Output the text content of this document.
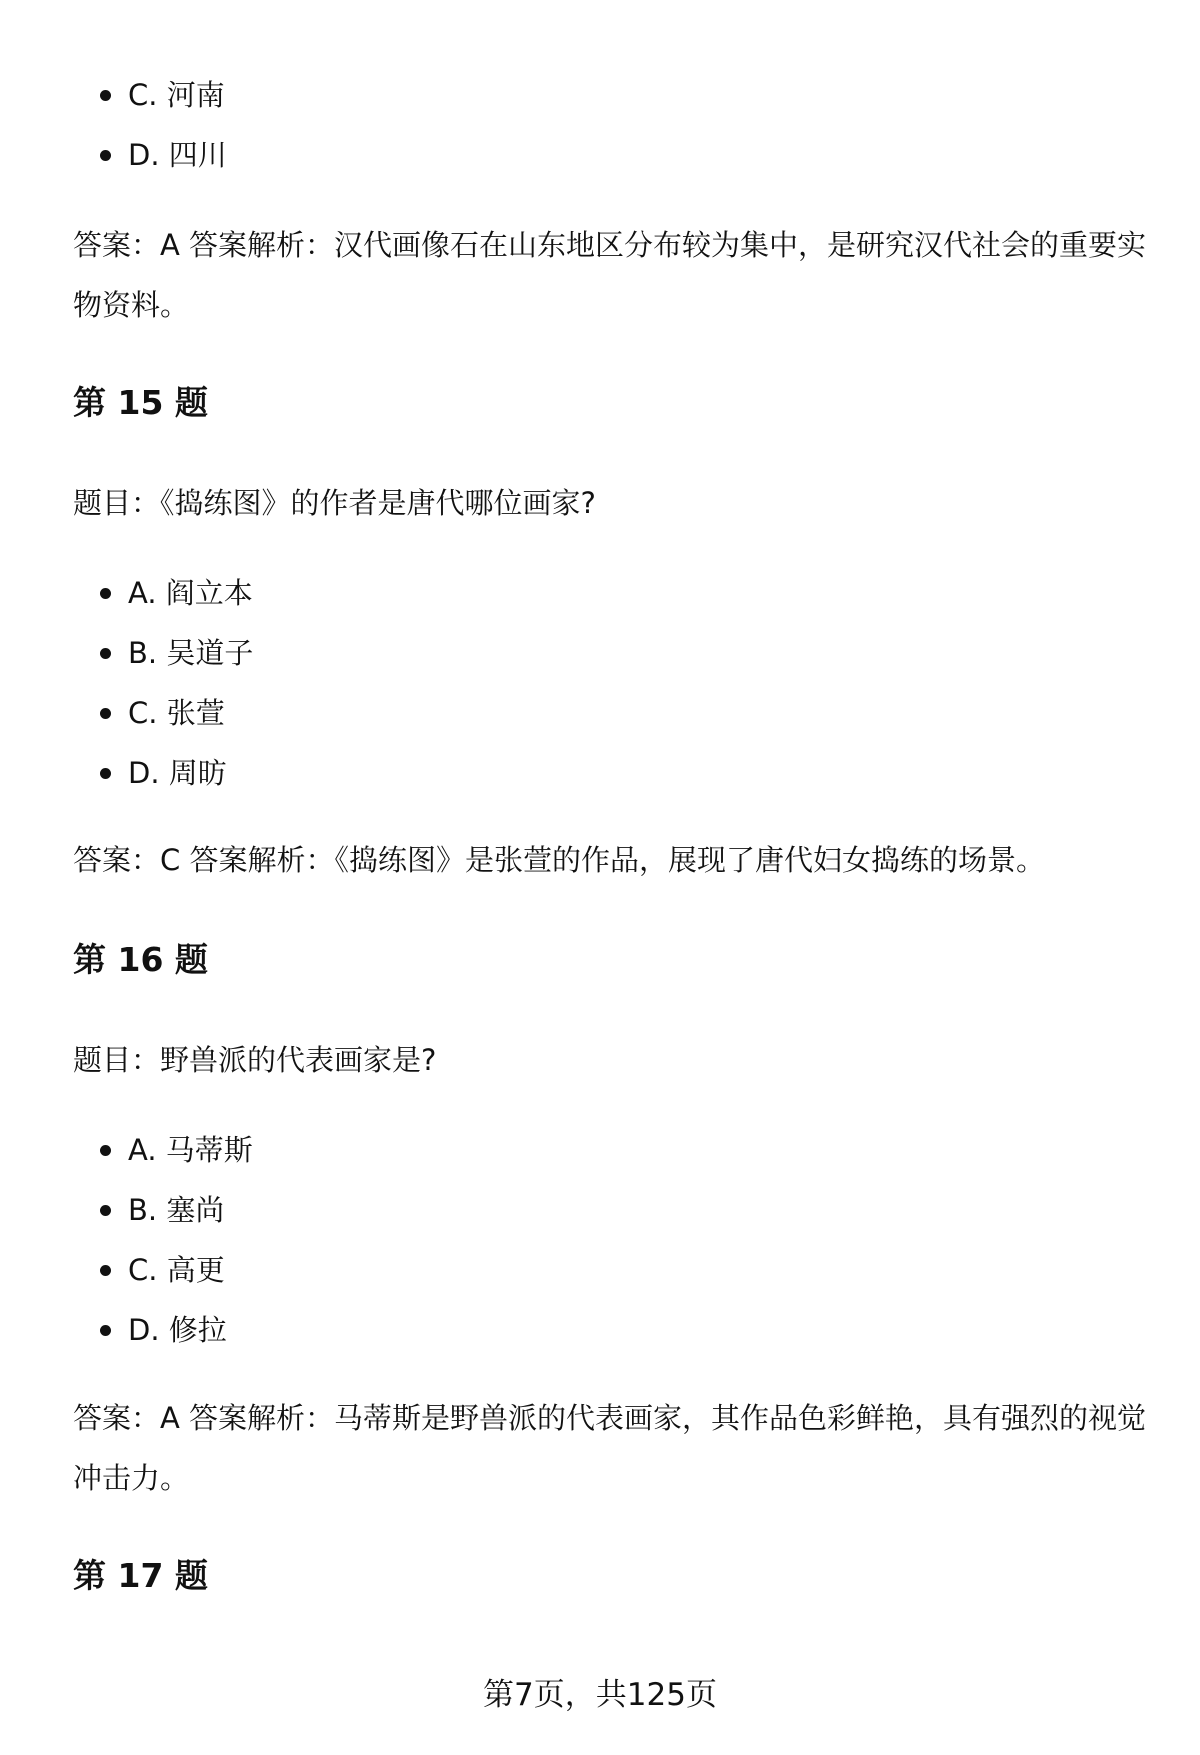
C. 河南
D. 四川

答案：A 答案解析：汉代画像石在山东地区分布较为集中，是研究汉代社会的重要实物资料。

第 15 题

题目：《捣练图》的作者是唐代哪位画家?

A. 阎立本
B. 吴道子
C. 张萱
D. 周昉

答案：C 答案解析：《捣练图》是张萱的作品，展现了唐代妇女捣练的场景。

第 16 题

题目：野兽派的代表画家是?

A. 马蒂斯
B. 塞尚
C. 高更
D. 修拉

答案：A 答案解析：马蒂斯是野兽派的代表画家，其作品色彩鲜艳，具有强烈的视觉冲击力。

第 17 题
第7页，共125页
